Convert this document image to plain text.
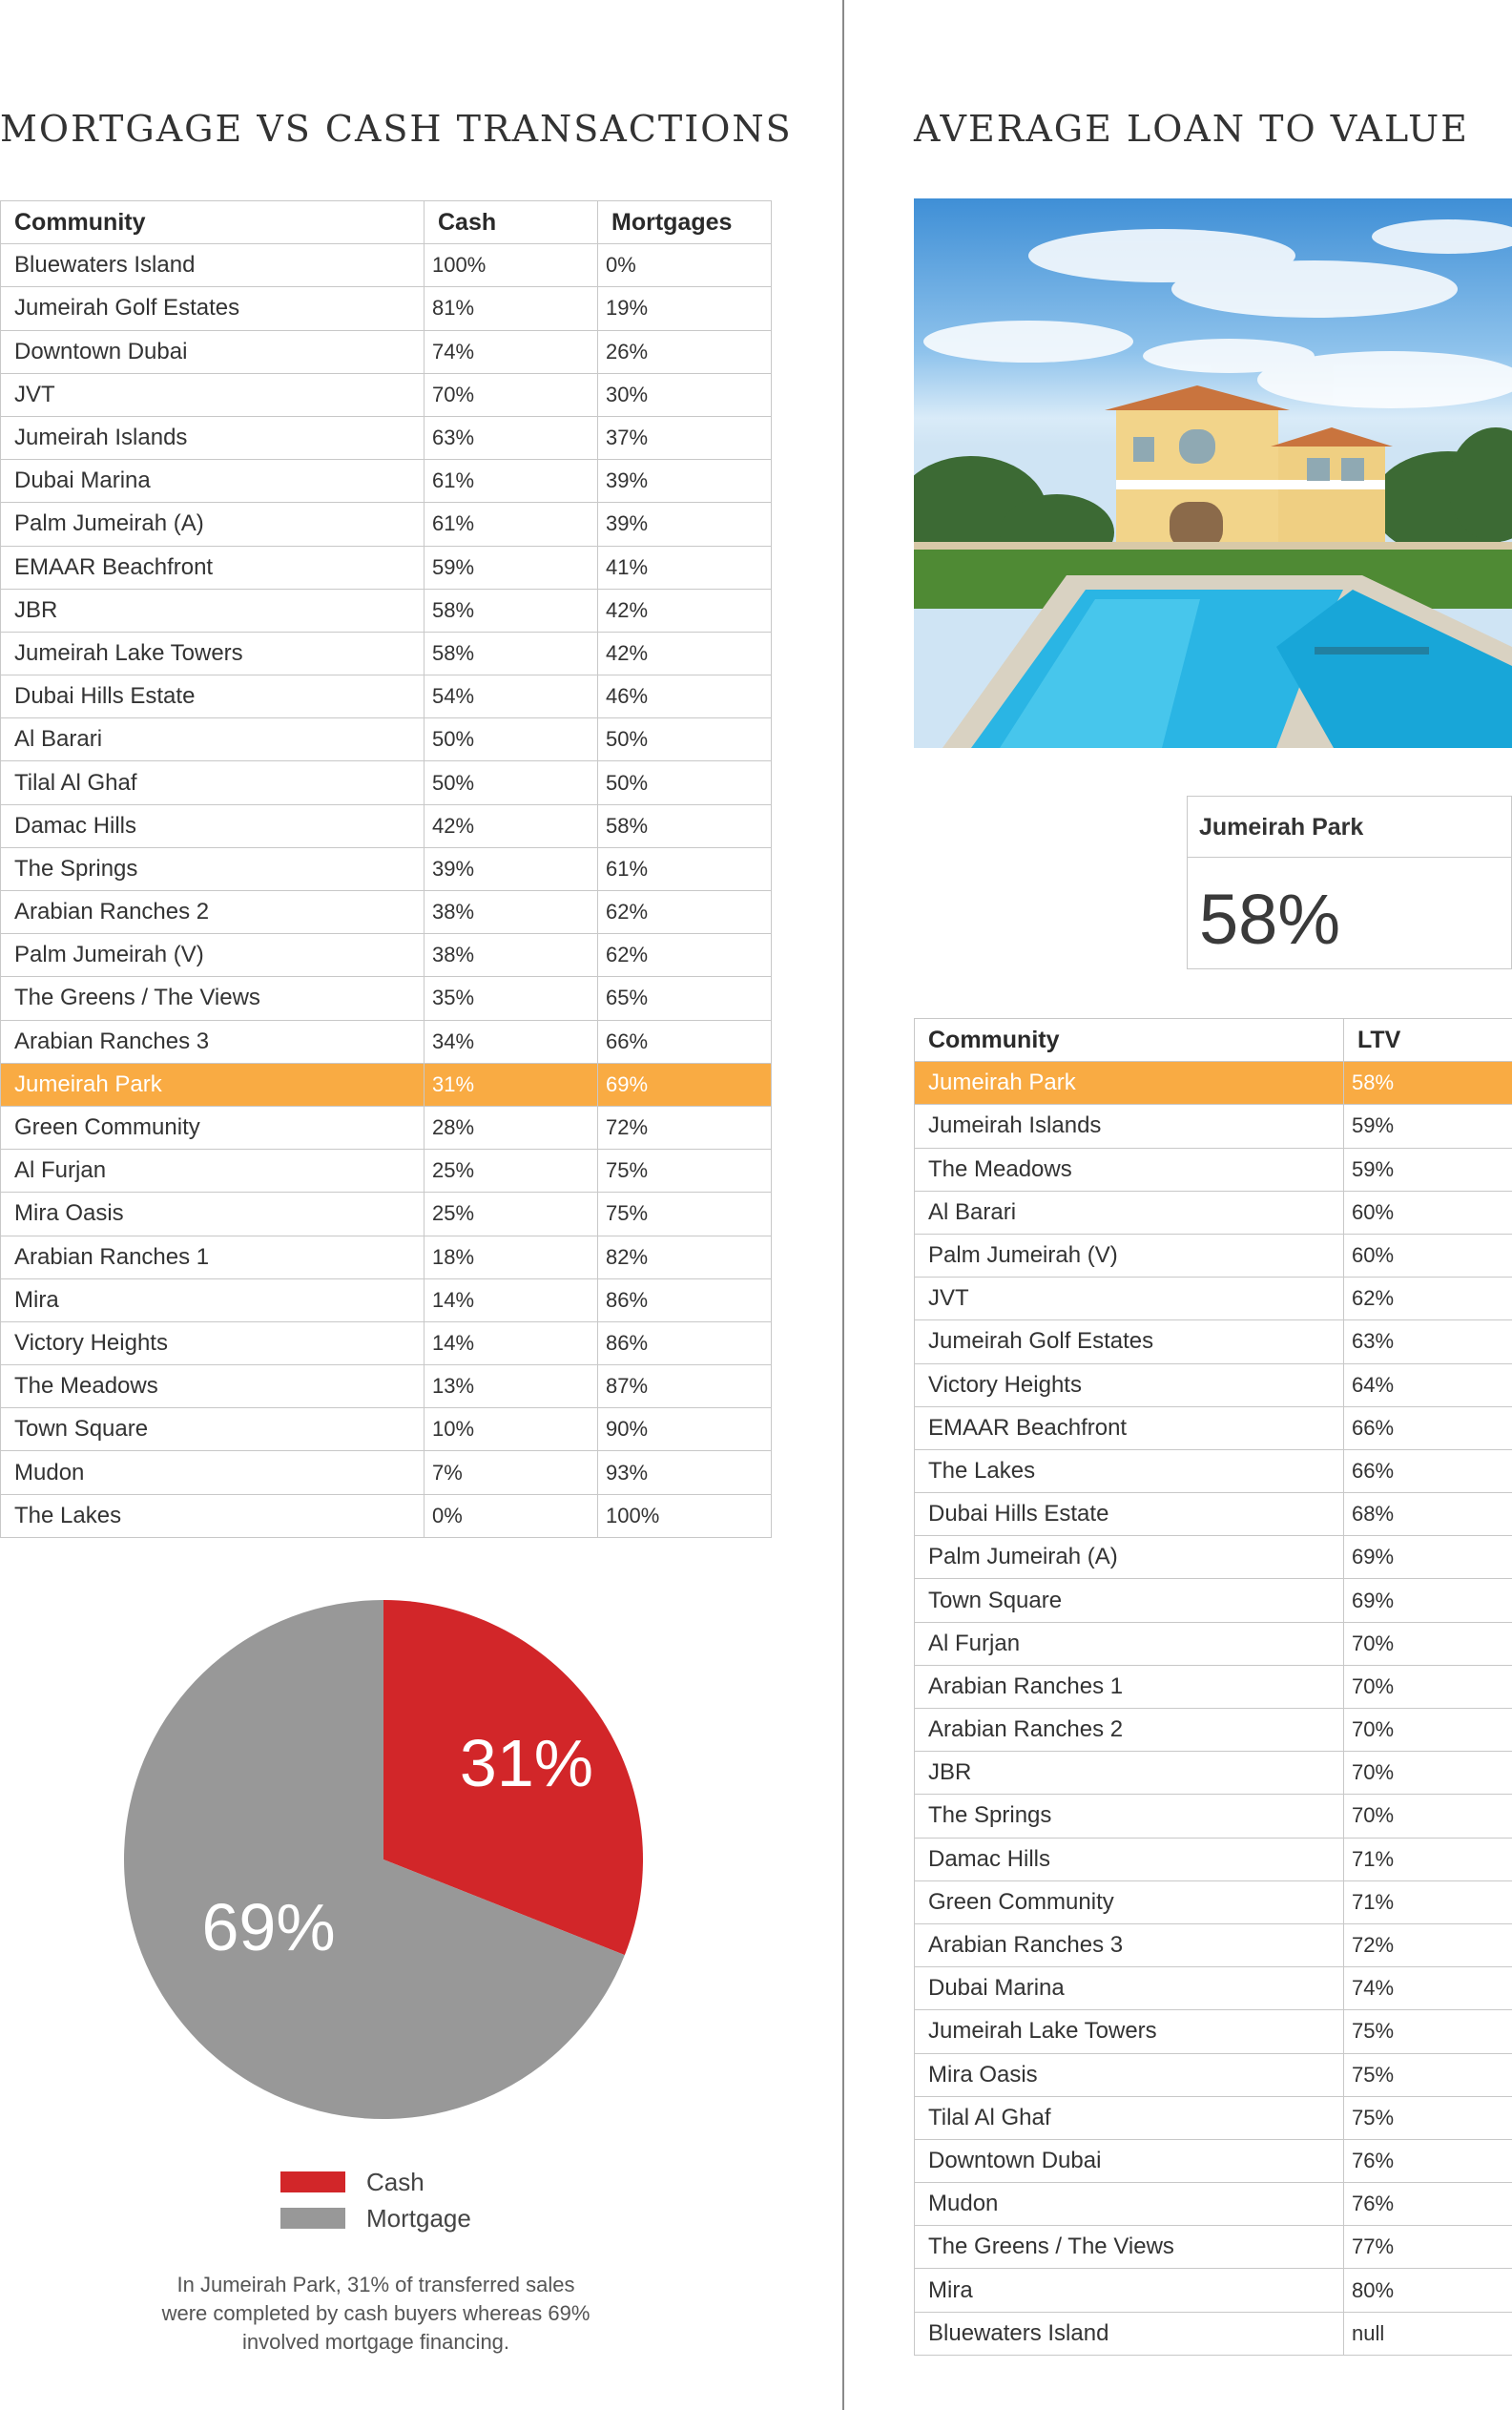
MORTGAGE VS CASH TRANSACTIONS	AVERAGE LOAN TO VALUE
Community	Cash	Mortgages
Bluewaters Island	100%	0%
Jumeirah Golf Estates	81%	19%
Downtown Dubai	74%	26%
JVT	70%	30%
Jumeirah Islands	63%	37%
Dubai Marina	61%	39%
Palm Jumeirah (A)	61%	39%
EMAAR Beachfront	59%	41%
JBR	58%	42%
Jumeirah Lake Towers	58%	42%
Dubai Hills Estate	54%	46%
Al Barari	50%	50%
Tilal Al Ghaf	50%	50%
Damac Hills	42%	58%
The Springs	39%	61%
Arabian Ranches 2	38%	62%
Palm Jumeirah (V)	38%	62%
The Greens / The Views	35%	65%
Arabian Ranches 3	34%	66%
Jumeirah Park	31%	69%
Green Community	28%	72%
Al Furjan	25%	75%
Mira Oasis	25%	75%
Arabian Ranches 1	18%	82%
Mira	14%	86%
Victory Heights	14%	86%
The Meadows	13%	87%
Town Square	10%	90%
Mudon	7%	93%
The Lakes	0%	100%
Jumeirah Park
58%
Community	LTV
Jumeirah Park	58%
Jumeirah Islands	59%
The Meadows	59%
Al Barari	60%
Palm Jumeirah (V)	60%
JVT	62%
Jumeirah Golf Estates	63%
Victory Heights	64%
EMAAR Beachfront	66%
The Lakes	66%
Dubai Hills Estate	68%
Palm Jumeirah (A)	69%
Town Square	69%
Al Furjan	70%
Arabian Ranches 1	70%
Arabian Ranches 2	70%
JBR	70%
The Springs	70%
Damac Hills	71%
Green Community	71%
Arabian Ranches 3	72%
Dubai Marina	74%
Jumeirah Lake Towers	75%
Mira Oasis	75%
Tilal Al Ghaf	75%
Downtown Dubai	76%
Mudon	76%
The Greens / The Views	77%
Mira	80%
Bluewaters Island	null
31%
69%
Cash
Mortgage
In Jumeirah Park, 31% of transferred sales
were completed by cash buyers whereas 69%
involved mortgage financing.
